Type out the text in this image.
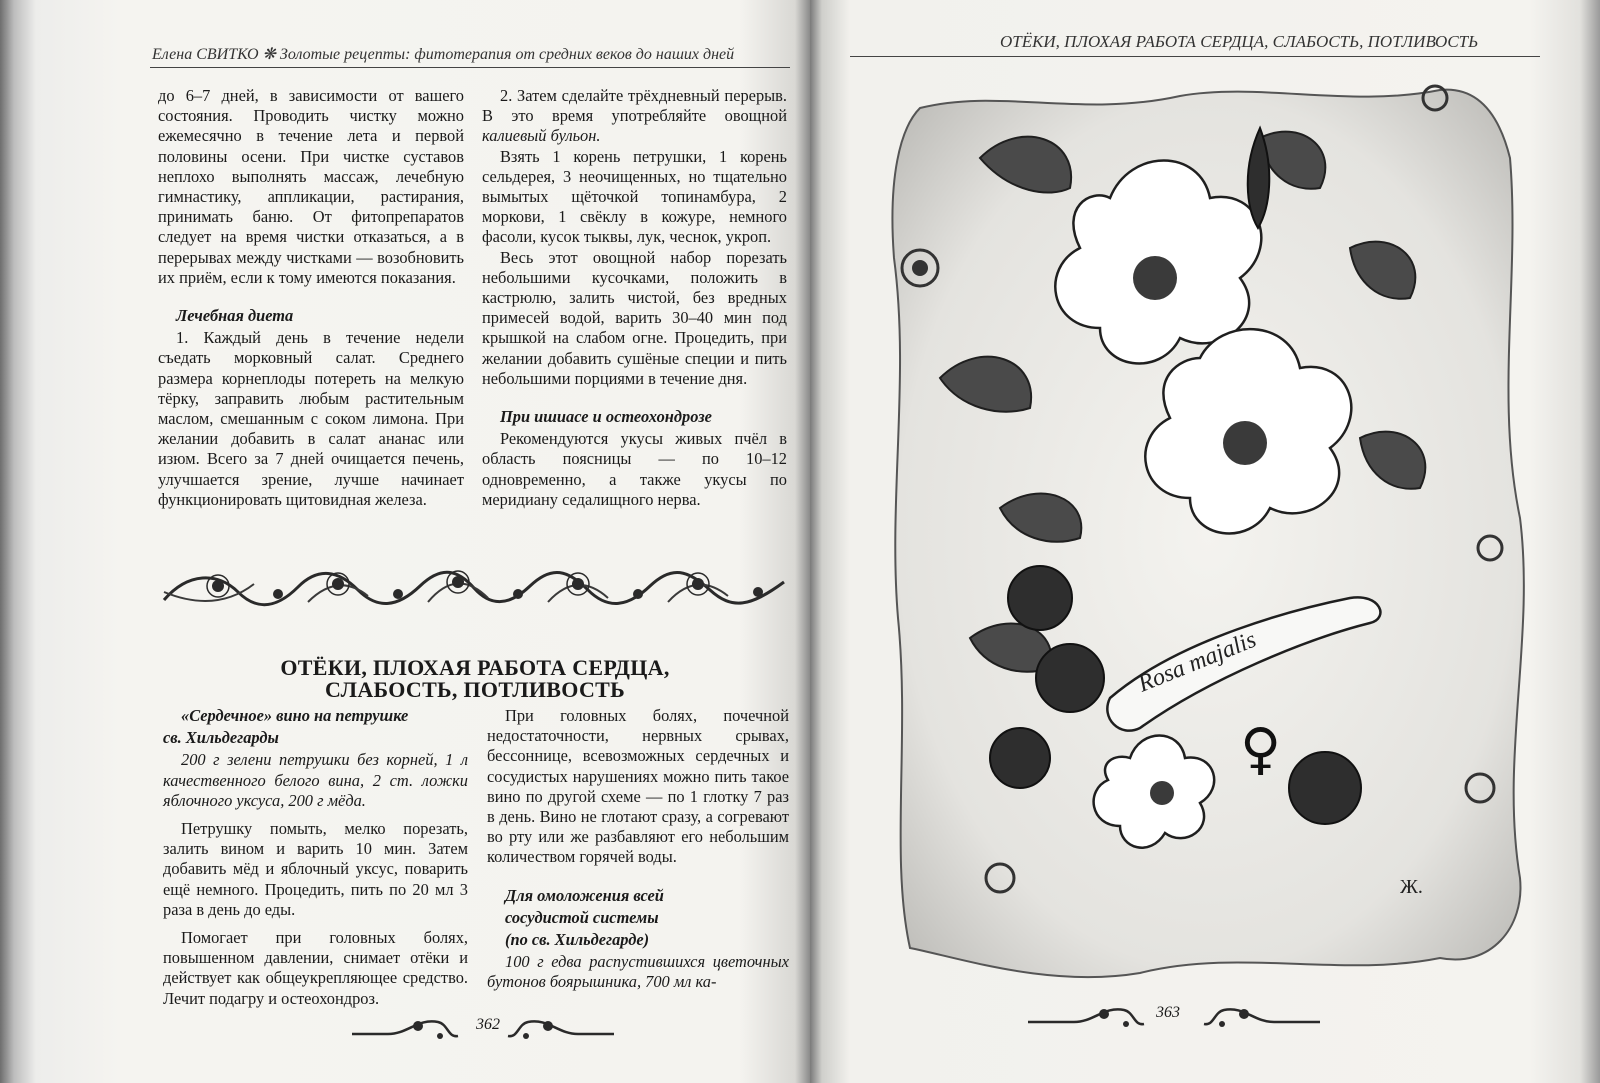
Елена СВИТКО ❋ Золотые рецепты: фитотерапия от средних веков до наших дней

до 6–7 дней, в зависимости от вашего состояния. Проводить чистку можно ежемесячно в течение лета и первой половины осени. При чистке суставов неплохо выполнять массаж, лечебную гимнастику, аппликации, растирания, принимать баню. От фитопрепаратов следует на время чистки отказаться, а в перерывах между чистками — возобновить их приём, если к тому имеются показания.

Лечебная диета

1. Каждый день в течение недели съедать морковный салат. Среднего размера корнеплоды потереть на мелкую тёрку, заправить любым растительным маслом, смешанным с соком лимона. При желании добавить в салат ананас или изюм. Всего за 7 дней очищается печень, улучшается зрение, лучше начинает функционировать щитовидная железа.

2. Затем сделайте трёхдневный перерыв. В это время употребляйте овощной калиевый бульон.

Взять 1 корень петрушки, 1 корень сельдерея, 3 неочищенных, но тщательно вымытых щёточкой топинамбура, 2 моркови, 1 свёклу в кожуре, немного фасоли, кусок тыквы, лук, чеснок, укроп.

Весь этот овощной набор порезать небольшими кусочками, положить в кастрюлю, залить чистой, без вредных примесей водой, варить 30–40 мин под крышкой на слабом огне. Процедить, при желании добавить сушёные специи и пить небольшими порциями в течение дня.

При ишиасе и остеохондрозе

Рекомендуются укусы живых пчёл в область поясницы — по 10–12 одновременно, а также укусы по меридиану седалищного нерва.

ОТЁКИ, ПЛОХАЯ РАБОТА СЕРДЦА,
СЛАБОСТЬ, ПОТЛИВОСТЬ
«Сердечное» вино на петрушке
св. Хильдегарды

200 г зелени петрушки без корней, 1 л качественного белого вина, 2 ст. ложки яблочного уксуса, 200 г мёда.

Петрушку помыть, мелко порезать, залить вином и варить 10 мин. Затем добавить мёд и яблочный уксус, поварить ещё немного. Процедить, пить по 20 мл 3 раза в день до еды.

Помогает при головных болях, повышенном давлении, снимает отёки и действует как общеукрепляющее средство. Лечит подагру и остеохондроз.

При головных болях, почечной недостаточности, нервных срывах, бессоннице, всевозможных сердечных и сосудистых нарушениях можно пить такое вино по другой схеме — по 1 глотку 7 раз в день. Вино не глотают сразу, а согревают во рту или же разбавляют его небольшим количеством горячей воды.

Для омоложения всей
сосудистой системы
(по св. Хильдегарде)

100 г едва распустившихся цветочных бутонов боярышника, 700 мл ка-

362
ОТЁКИ, ПЛОХАЯ РАБОТА СЕРДЦА, СЛАБОСТЬ, ПОТЛИВОСТЬ
Rosa majalis
♀
Ж.
363
